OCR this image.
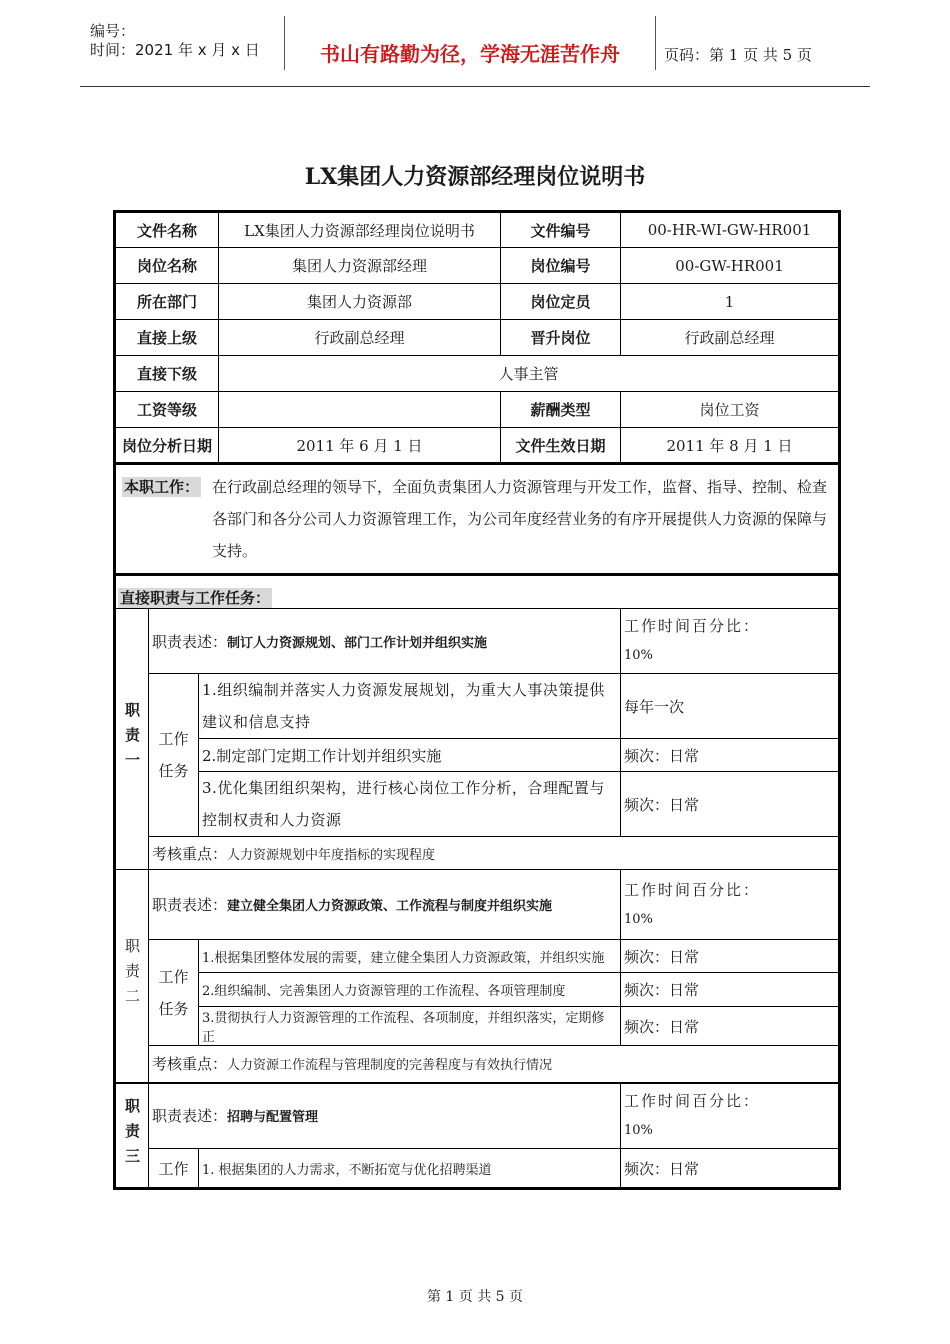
编号：
时间：2021 年 x 月 x 日	书山有路勤为径，学海无涯苦作舟	页码：第 1 页 共 5 页
LX集团人力资源部经理岗位说明书
文件名称			LX集团人力资源部经理岗位说明书	文件编号	00-HR-WI-GW-HR001
岗位名称			集团人力资源部经理	岗位编号	00-GW-HR001
所在部门			集团人力资源部	岗位定员	1
直接上级			行政副总经理	晋升岗位	行政副总经理
直接下级			人事主管		
工资等级				薪酬类型	岗位工资
岗位分析日期			2011 年 6 月 1 日	文件生效日期	2011 年 8 月 1 日

本职工作： 在行政副总经理的领导下，全面负责集团人力资源管理与开发工作，监督、指导、控制、检查各部门和各分公司人力资源管理工作，为公司年度经营业务的有序开展提供人力资源的保障与支持。					

直接职责与工作任务：					
职责一	职责表述：制订人力资源规划、部门工作计划并组织实施				工作时间百分比：
10%

	工作任务	1.组织编制并落实人力资源发展规划，为重大人事决策提供建议和信息支持			每年一次
		2.制定部门定期工作计划并组织实施			频次：日常
		3.优化集团组织架构，进行核心岗位工作分析，合理配置与控制权责和人力资源			频次：日常
	考核重点：人力资源规划中年度指标的实现程度				
职责二	职责表述：建立健全集团人力资源政策、工作流程与制度并组织实施				工作时间百分比：
10%

	工作任务	1.根据集团整体发展的需要，建立健全集团人力资源政策，并组织实施			频次：日常
		2.组织编制、完善集团人力资源管理的工作流程、各项管理制度			频次：日常
		3.贯彻执行人力资源管理的工作流程、各项制度，并组织落实，定期修正			频次：日常
	考核重点：人力资源工作流程与管理制度的完善程度与有效执行情况				
职责三	职责表述：招聘与配置管理				工作时间百分比：
10%

	工作	1. 根据集团的人力需求，不断拓宽与优化招聘渠道			频次：日常
第 1 页 共 5 页
